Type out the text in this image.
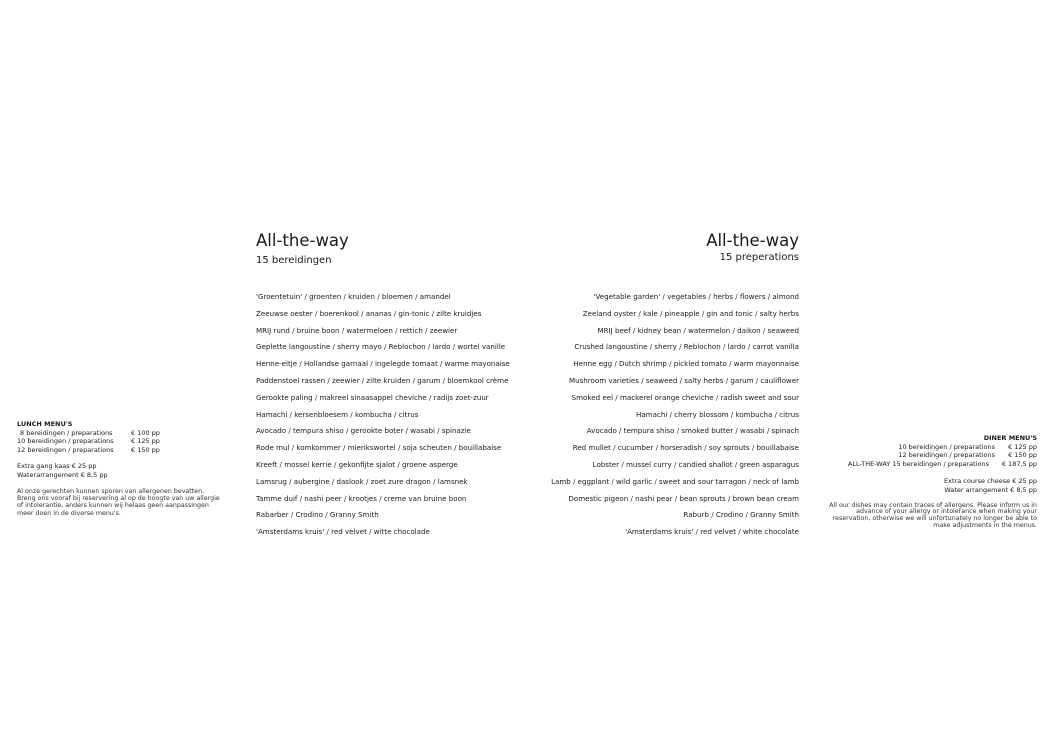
LUNCH MENU'S
8 bereidingen / preparations	€ 100 pp
10 bereidingen / preparations	€ 125 pp
12 bereidingen / preparations	€ 150 pp
Extra gang kaas € 25 pp
Waterarrangement € 8,5 pp
Al onze gerechten kunnen sporen van allergenen bevatten. Breng ons vooraf bij reservering al op de hoogte van uw allergie of intolerantie, anders kunnen wij helaas geen aanpassingen meer doen in de diverse menu's.
All-the-way
15 bereidingen
'Groentetuin' / groenten / kruiden / bloemen / amandel
Zeeuwse oester / boerenkool / ananas / gin-tonic / zilte kruidjes
MRIJ rund / bruine boon / watermeloen / rettich / zeewier
Geplette langoustine / sherry mayo / Reblochon / lardo / wortel vanille
Henne-eitje / Hollandse garnaal / ingelegde tomaat / warme mayonaise
Paddenstoel rassen / zeewier / zilte kruiden / garum / bloemkool crème
Gerookte paling / makreel sinaasappel cheviche / radijs zoet-zuur
Hamachi / kersenbloesem / kombucha / citrus
Avocado / tempura shiso / gerookte boter / wasabi / spinazie
Rode mul / komkommer / mierikswortel / soja scheuten / bouillabaise
Kreeft / mossel kerrie / gekonfijte sjalot / groene asperge
Lamsrug / aubergine / daslook / zoet zure dragon / lamsnek
Tamme duif / nashi peer / krootjes / creme van bruine boon
Rabarber / Crodino / Granny Smith
'Amsterdams kruis' / red velvet / witte chocolade
All-the-way
15 preperations
'Vegetable garden' / vegetables / herbs / flowers / almond
Zeeland oyster / kale / pineapple / gin and tonic / salty herbs
MRIJ beef / kidney bean / watermelon / daikon / seaweed
Crushed langoustine / sherry / Reblochon / lardo / carrot vanilla
Henne egg / Dutch shrimp / pickled tomato / warm mayonnaise
Mushroom varieties / seaweed / salty herbs / garum / cauliflower
Smoked eel / mackerel orange cheviche / radish sweet and sour
Hamachi / cherry blossom / kombucha / citrus
Avocado / tempura shiso / smoked butter / wasabi / spinach
Red mullet / cucumber / horseradish / soy sprouts / bouillabaise
Lobster / mussel curry / candied shallot / green asparagus
Lamb / eggplant / wild garlic / sweet and sour tarragon / neck of lamb
Domestic pigeon / nashi pear / bean sprouts / brown bean cream
Raburb / Crodino / Granny Smith
'Amsterdams kruis' / red velvet / white chocolate
DINER MENU'S
10 bereidingen / preparations	€ 125 pp
12 bereidingen / preparations	€ 150 pp
ALL-THE-WAY 15 bereidingen / preparations	€ 187,5 pp
Extra course cheese € 25 pp
Water arrangement € 8,5 pp
All our dishes may contain traces of allergens. Please inform us in advance of your allergy or intolerance when making your reservation, otherwise we will unfortunately no longer be able to make adjustments in the menus.
